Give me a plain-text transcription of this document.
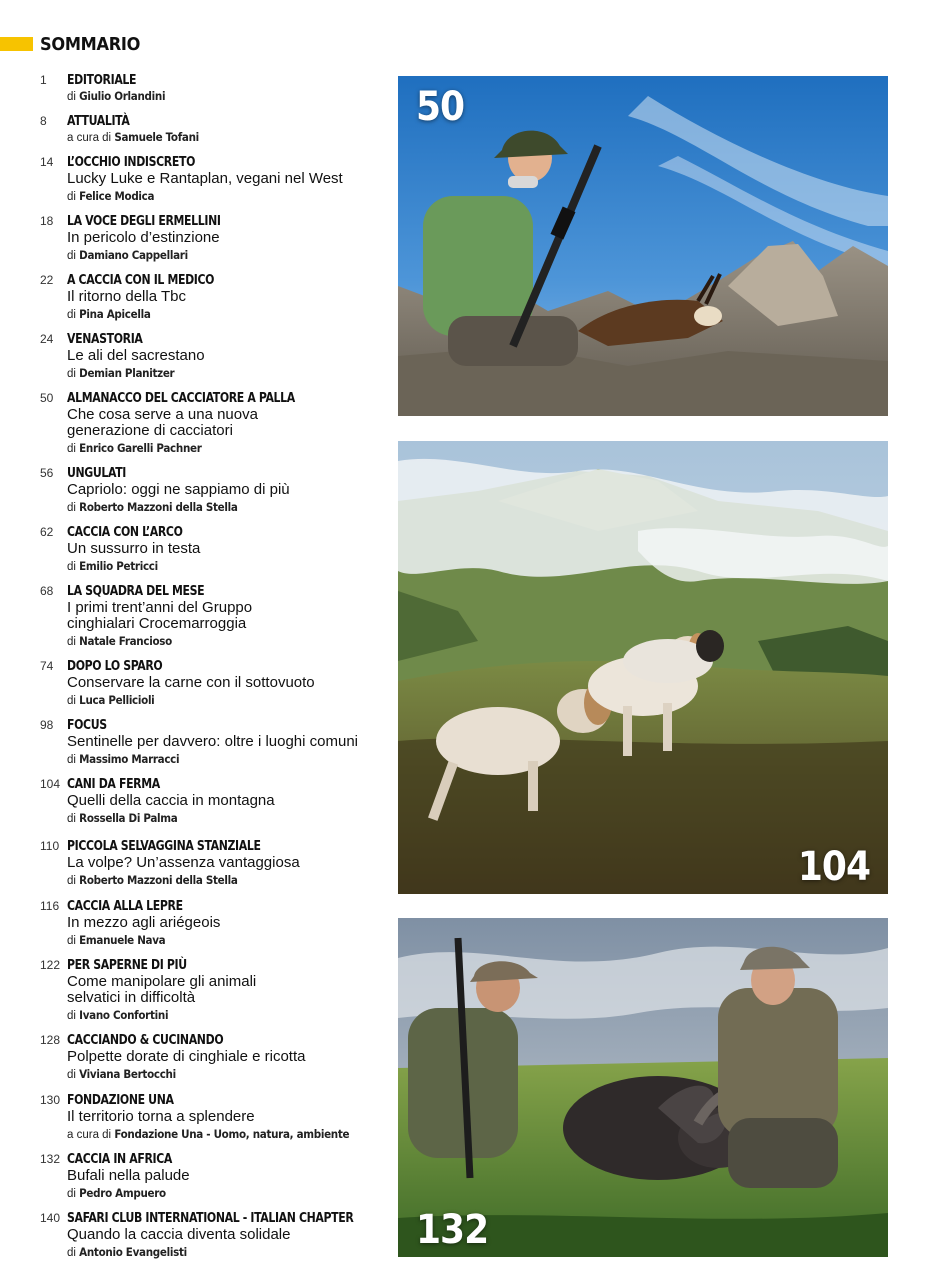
SOMMARIO
1 EDITORIALE
di Giulio Orlandini
8 ATTUALITÀ
a cura di Samuele Tofani
14 L’OCCHIO INDISCRETO
Lucky Luke e Rantaplan, vegani nel West
di Felice Modica
18 LA VOCE DEGLI ERMELLINI
In pericolo d’estinzione
di Damiano Cappellari
22 A CACCIA CON IL MEDICO
Il ritorno della Tbc
di Pina Apicella
24 VENASTORIA
Le ali del sacrestano
di Demian Planitzer
50 ALMANACCO DEL CACCIATORE A PALLA
Che cosa serve a una nuova
generazione di cacciatori
di Enrico Garelli Pachner
56 UNGULATI
Capriolo: oggi ne sappiamo di più
di Roberto Mazzoni della Stella
62 CACCIA CON L’ARCO
Un sussurro in testa
di Emilio Petricci
68 LA SQUADRA DEL MESE
I primi trent’anni del Gruppo
cinghialari Crocemarroggia
di Natale Francioso
74 DOPO LO SPARO
Conservare la carne con il sottovuoto
di Luca Pellicioli
98 FOCUS
Sentinelle per davvero: oltre i luoghi comuni
di Massimo Marracci
104 CANI DA FERMA
Quelli della caccia in montagna
di Rossella Di Palma
110 PICCOLA SELVAGGINA STANZIALE
La volpe? Un’assenza vantaggiosa
di Roberto Mazzoni della Stella
116 CACCIA ALLA LEPRE
In mezzo agli ariégeois
di Emanuele Nava
122 PER SAPERNE DI PIÙ
Come manipolare gli animali
selvatici in difficoltà
di Ivano Confortini
128 CACCIANDO & CUCINANDO
Polpette dorate di cinghiale e ricotta
di Viviana Bertocchi
130 FONDAZIONE UNA
Il territorio torna a splendere
a cura di Fondazione Una - Uomo, natura, ambiente
132 CACCIA IN AFRICA
Bufali nella palude
di Pedro Ampuero
140 SAFARI CLUB INTERNATIONAL - ITALIAN CHAPTER
Quando la caccia diventa solidale
di Antonio Evangelisti
50
104
132
